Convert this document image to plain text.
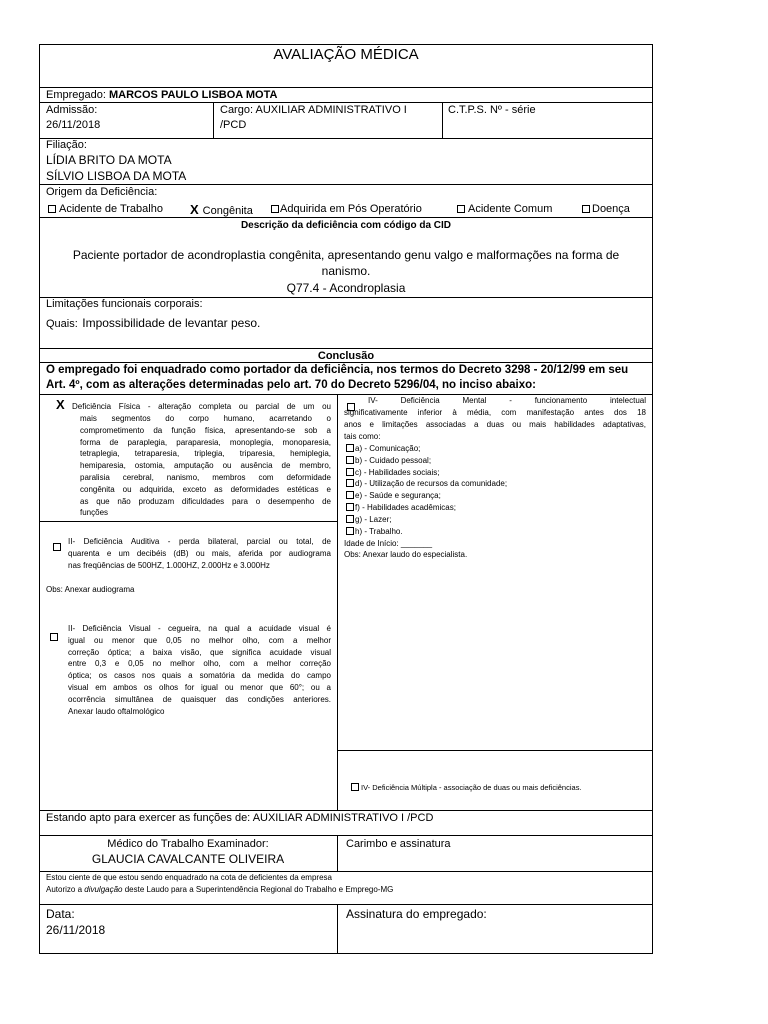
AVALIAÇÃO MÉDICA
Empregado: MARCOS PAULO LISBOA MOTA
Admissão:
26/11/2018
Cargo: AUXILIAR ADMINISTRATIVO I
/PCD
C.T.P.S. Nº - série
Filiação:
LÍDIA BRITO DA MOTA
SÍLVIO LISBOA DA MOTA
Origem da Deficiência:
Acidente de Trabalho X Congênita	Adquirida em Pós Operatório	Acidente Comum	Doença
Descrição da deficiência com código da CID
Paciente portador de acondroplastia congênita, apresentando genu valgo e malformações na forma de
nanismo.
Q77.4 - Acondroplasia
Limitações funcionais corporais:
Quais: Impossibilidade de levantar peso.
Conclusão
O empregado foi enquadrado como portador da deficiência, nos termos do Decreto 3298 - 20/12/99 em seu
Art. 4º, com as alterações determinadas pelo art. 70 do Decreto 5296/04, no inciso abaixo:
X Deficiência Física - alteração completa ou parcial de um ou
mais segmentos do corpo humano, acarretando o
comprometimento da função física, apresentando-se sob a
forma de paraplegia, paraparesia, monoplegia, monoparesia,
tetraplegia, tetraparesia, triplegia, triparesia, hemiplegia,
hemiparesia, ostomia, amputação ou ausência de membro,
paralisia cerebral, nanismo, membros com deformidade
congênita ou adquirida, exceto as deformidades estéticas e
as que não produzam dificuldades para o desempenho de
funções
II- Deficiência Auditiva - perda bilateral, parcial ou total, de
quarenta e um decibéis (dB) ou mais, aferida por audiograma
nas freqüências de 500HZ, 1.000HZ, 2.000Hz e 3.000Hz
Obs: Anexar audiograma
II- Deficiência Visual - cegueira, na qual a acuidade visual é
igual ou menor que 0,05 no melhor olho, com a melhor
correção óptica; a baixa visão, que significa acuidade visual
entre 0,3 e 0,05 no melhor olho, com a melhor correção
óptica; os casos nos quais a somatória da medida do campo
visual em ambos os olhos for igual ou menor que 60°; ou a
ocorrência simultânea de quaisquer das condições anteriores.
Anexar laudo oftalmológico
IV- Deficiência Mental - funcionamento intelectual
significativamente inferior à média, com manifestação antes dos 18
anos e limitações associadas a duas ou mais habilidades adaptativas,
tais como:
a) - Comunicação;
b) - Cuidado pessoal;
c) - Habilidades sociais;
d) - Utilização de recursos da comunidade;
e) - Saúde e segurança;
f) - Habilidades acadêmicas;
g) - Lazer;
h) - Trabalho.
Idade de Início: _______
Obs: Anexar laudo do especialista.
IV- Deficiência Múltipla - associação de duas ou mais deficiências.
Estando apto para exercer as funções de: AUXILIAR ADMINISTRATIVO I /PCD
Médico do Trabalho Examinador:
GLAUCIA CAVALCANTE OLIVEIRA
Carimbo e assinatura
Estou ciente de que estou sendo enquadrado na cota de deficientes da empresa
Autorizo a divulgação deste Laudo para a Superintendência Regional do Trabalho e Emprego-MG
Data:
26/11/2018
Assinatura do empregado:
